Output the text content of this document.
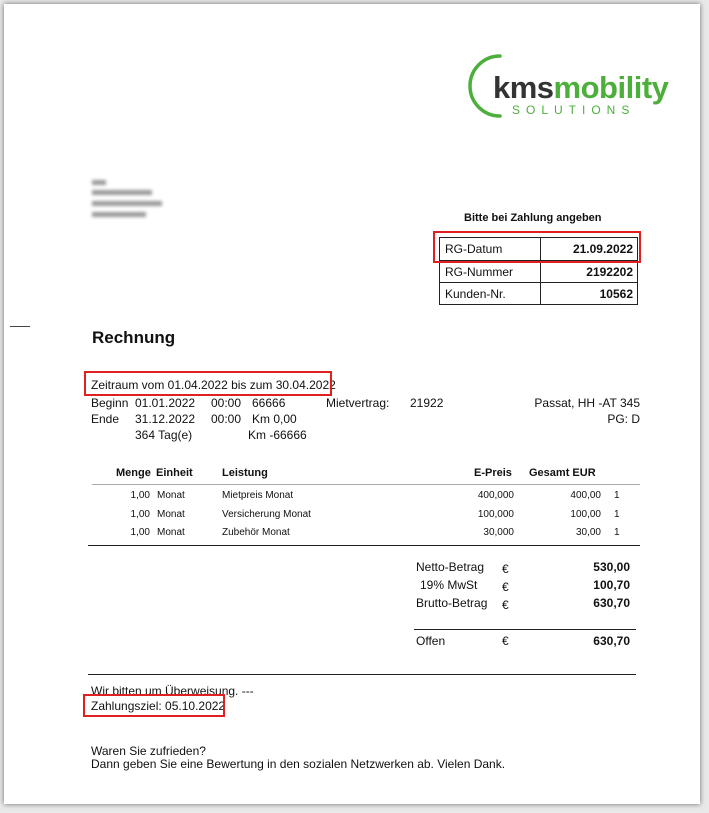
kmsmobility
SOLUTIONS
Bitte bei Zahlung angeben
RG-Datum	21.09.2022
RG-Nummer	2192202
Kunden-Nr.	10562
Rechnung
Zeitraum vom 01.04.2022 bis zum 30.04.2022
Beginn 01.01.2022 00:00 66666	Mietvertrag: 21922	Passat, HH -AT 345
Ende 31.12.2022 00:00 Km 0,00	PG: D
364 Tag(e)	Km -66666
Menge Einheit	Leistung	E-Preis Gesamt EUR
1,00 Monat	Mietpreis Monat	400,000	400,00 1
1,00 Monat	Versicherung Monat	100,000	100,00 1
1,00 Monat	Zubehör Monat	30,000	30,00 1
Netto-Betrag €	530,00
19% MwSt €	100,70
Brutto-Betrag €	630,70
Offen	€	630,70
Wir bitten um Überweisung. ---
Zahlungsziel: 05.10.2022
Waren Sie zufrieden?
Dann geben Sie eine Bewertung in den sozialen Netzwerken ab. Vielen Dank.
